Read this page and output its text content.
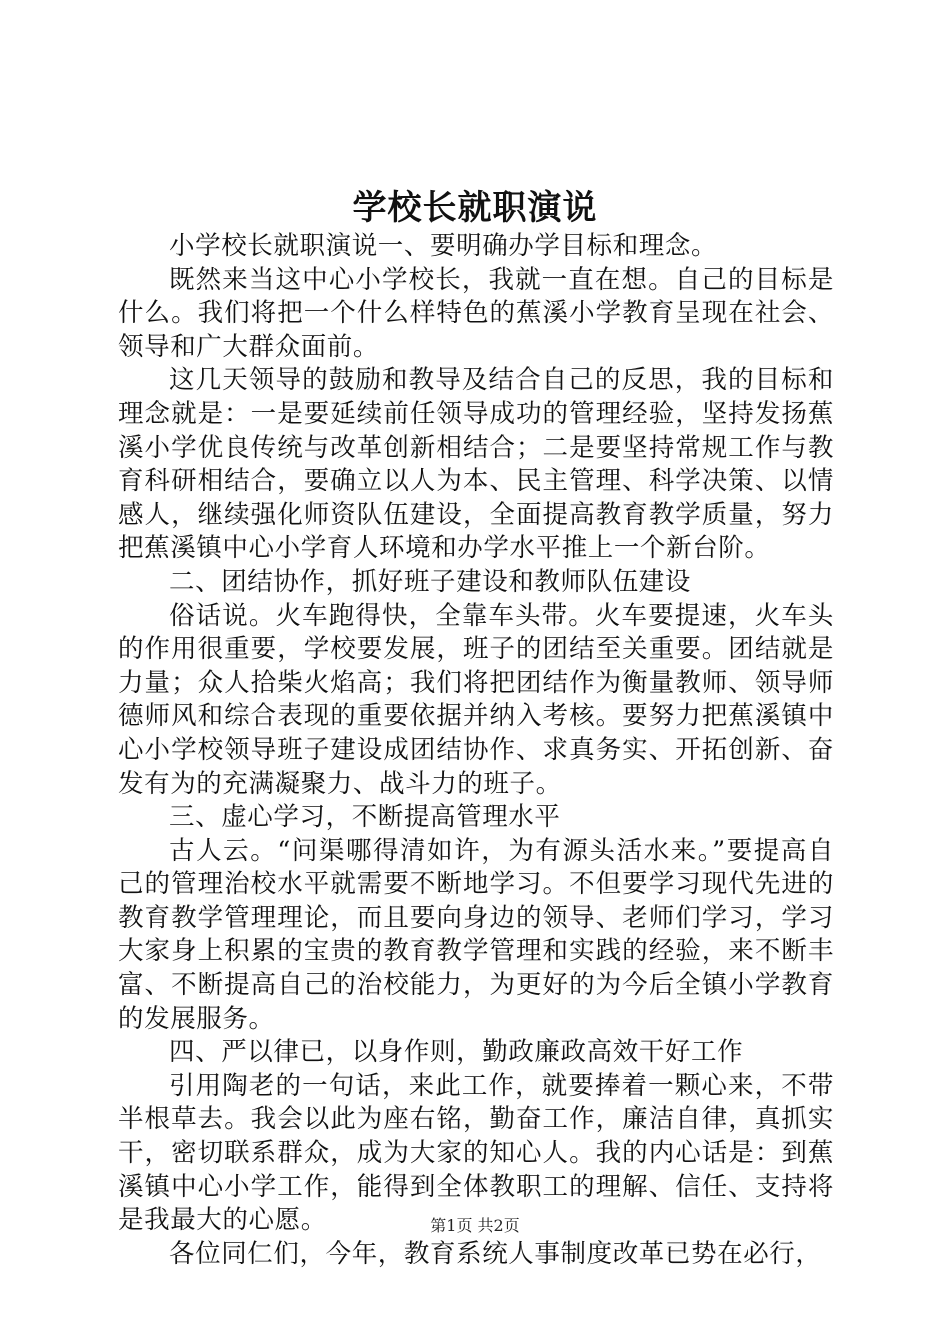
学校长就职演说

小学校长就职演说一、要明确办学目标和理念。

既然来当这中心小学校长，我就一直在想。自己的目标是什么。我们将把一个什么样特色的蕉溪小学教育呈现在社会、领导和广大群众面前。

这几天领导的鼓励和教导及结合自己的反思，我的目标和理念就是：一是要延续前任领导成功的管理经验，坚持发扬蕉溪小学优良传统与改革创新相结合；二是要坚持常规工作与教育科研相结合，要确立以人为本、民主管理、科学决策、以情感人，继续强化师资队伍建设，全面提高教育教学质量，努力把蕉溪镇中心小学育人环境和办学水平推上一个新台阶。

二、团结协作，抓好班子建设和教师队伍建设

俗话说。火车跑得快，全靠车头带。火车要提速，火车头的作用很重要，学校要发展，班子的团结至关重要。团结就是力量；众人拾柴火焰高；我们将把团结作为衡量教师、领导师德师风和综合表现的重要依据并纳入考核。要努力把蕉溪镇中心小学校领导班子建设成团结协作、求真务实、开拓创新、奋发有为的充满凝聚力、战斗力的班子。

三、虚心学习，不断提高管理水平

古人云。“问渠哪得清如许，为有源头活水来。”要提高自己的管理治校水平就需要不断地学习。不但要学习现代先进的教育教学管理理论，而且要向身边的领导、老师们学习，学习大家身上积累的宝贵的教育教学管理和实践的经验，来不断丰富、不断提高自己的治校能力，为更好的为今后全镇小学教育的发展服务。

四、严以律已，以身作则，勤政廉政高效干好工作

引用陶老的一句话，来此工作，就要捧着一颗心来，不带半根草去。我会以此为座右铭，勤奋工作，廉洁自律，真抓实干，密切联系群众，成为大家的知心人。我的内心话是：到蕉溪镇中心小学工作，能得到全体教职工的理解、信任、支持将是我最大的心愿。

各位同仁们，今年，教育系统人事制度改革已势在必行，

第1页 共2页
